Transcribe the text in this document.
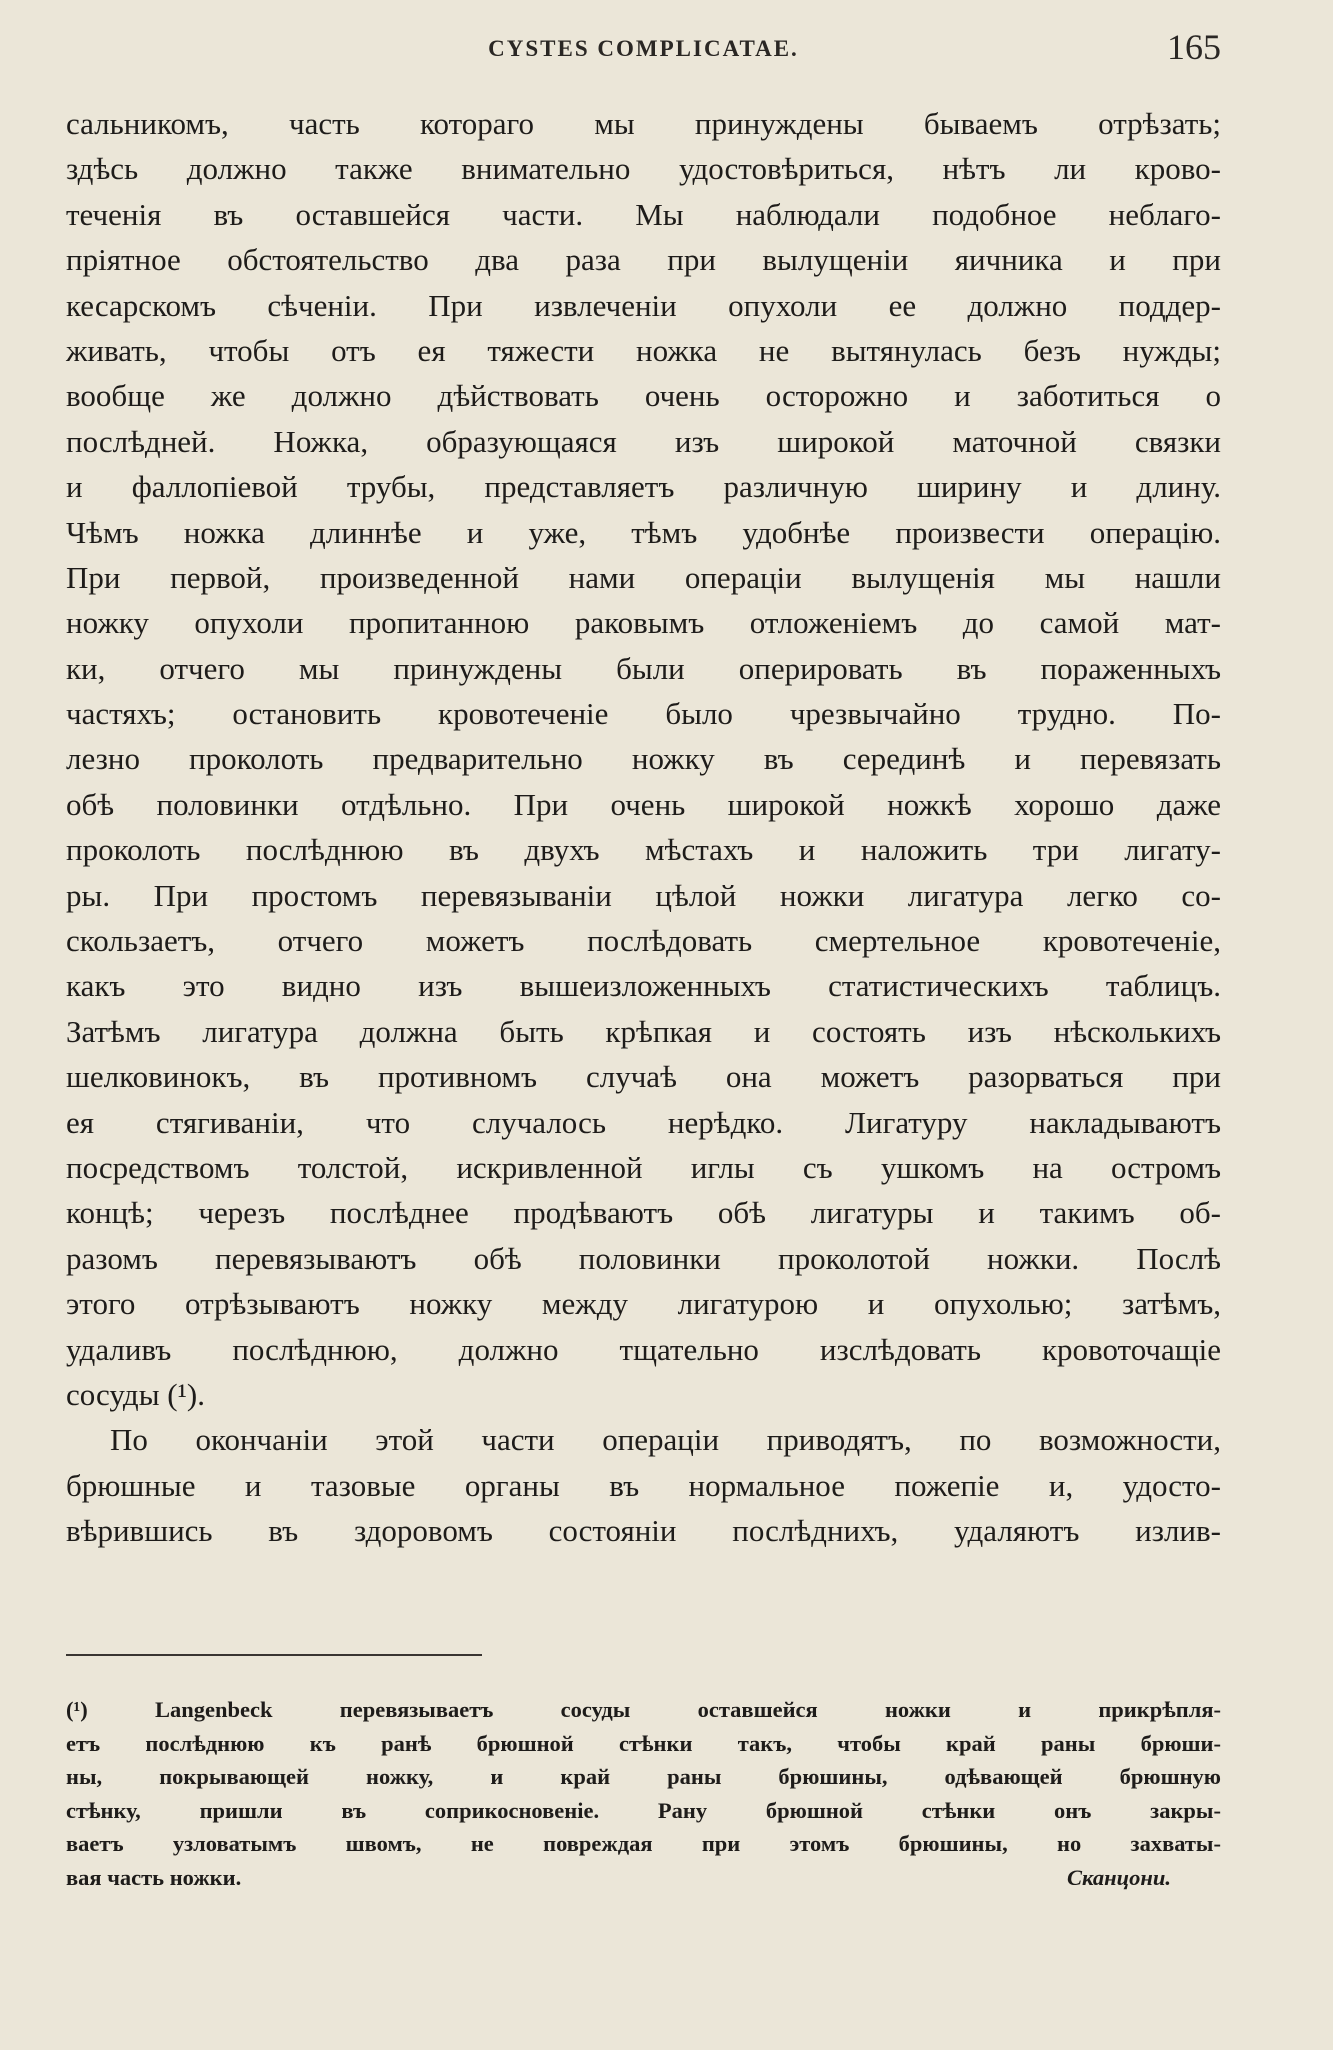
CYSTES COMPLICATAE.	165
сальникомъ, часть котораго мы принуждены бываемъ отрѣзать;
здѣсь должно также внимательно удостовѣриться, нѣтъ ли крово-
теченія въ оставшейся части. Мы наблюдали подобное неблаго-
пріятное обстоятельство два раза при вылущеніи яичника и при
кесарскомъ сѣченіи. При извлеченіи опухоли ее должно поддер-
живать, чтобы отъ ея тяжести ножка не вытянулась безъ нужды;
вообще же должно дѣйствовать очень осторожно и заботиться о
послѣдней. Ножка, образующаяся изъ широкой маточной связки
и фаллопіевой трубы, представляетъ различную ширину и длину.
Чѣмъ ножка длиннѣе и уже, тѣмъ удобнѣе произвести операцію.
При первой, произведенной нами операціи вылущенія мы нашли
ножку опухоли пропитанною раковымъ отложеніемъ до самой мат-
ки, отчего мы принуждены были оперировать въ пораженныхъ
частяхъ; остановить кровотеченіе было чрезвычайно трудно. По-
лезно проколоть предварительно ножку въ серединѣ и перевязать
обѣ половинки отдѣльно. При очень широкой ножкѣ хорошо даже
проколоть послѣднюю въ двухъ мѣстахъ и наложить три лигату-
ры. При простомъ перевязываніи цѣлой ножки лигатура легко со-
скользаетъ, отчего можетъ послѣдовать смертельное кровотеченіе,
какъ это видно изъ вышеизложенныхъ статистическихъ таблицъ.
Затѣмъ лигатура должна быть крѣпкая и состоять изъ нѣсколькихъ
шелковинокъ, въ противномъ случаѣ она можетъ разорваться при
ея стягиваніи, что случалось нерѣдко. Лигатуру накладываютъ
посредствомъ толстой, искривленной иглы съ ушкомъ на остромъ
концѣ; черезъ послѣднее продѣваютъ обѣ лигатуры и такимъ об-
разомъ перевязываютъ обѣ половинки проколотой ножки. Послѣ
этого отрѣзываютъ ножку между лигатурою и опухолью; затѣмъ,
удаливъ послѣднюю, должно тщательно изслѣдовать кровоточащіе
сосуды (¹).
По окончаніи этой части операціи приводятъ, по возможности,
брюшные и тазовые органы въ нормальное пожепіе и, удосто-
вѣрившись въ здоровомъ состояніи послѣднихъ, удаляютъ излив-
(¹) Langenbeck перевязываетъ сосуды оставшейся ножки и прикрѣпля-
етъ послѣднюю къ ранѣ брюшной стѣнки такъ, чтобы край раны брюши-
ны, покрывающей ножку, и край раны брюшины, одѣвающей брюшную
стѣнку, пришли въ соприкосновеніе. Рану брюшной стѣнки онъ закры-
ваетъ узловатымъ швомъ, не повреждая при этомъ брюшины, но захваты-
вая часть ножки.	Сканцони.
